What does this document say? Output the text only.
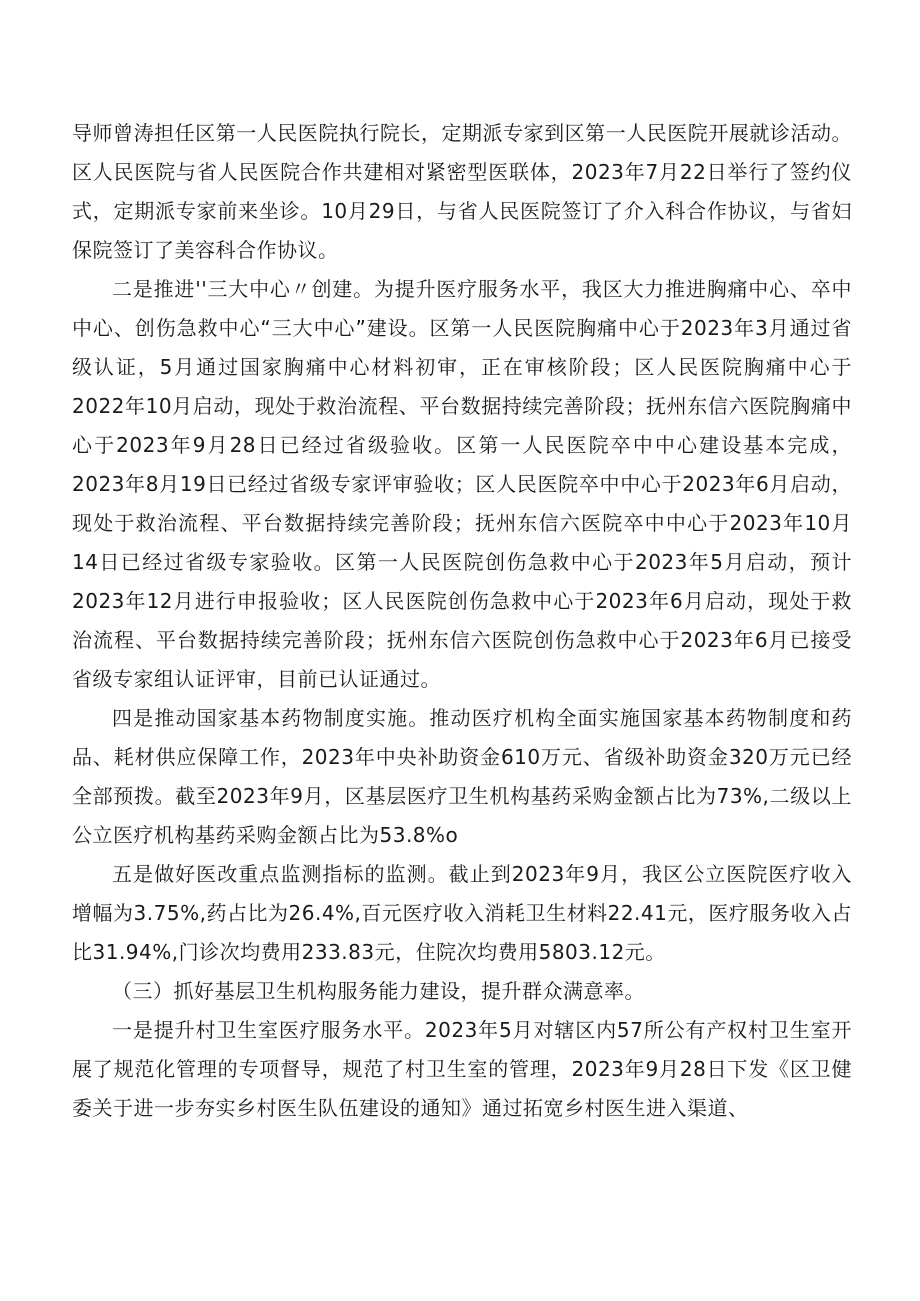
导师曾涛担任区第一人民医院执行院长，定期派专家到区第一人民医院开展就诊活动。区人民医院与省人民医院合作共建相对紧密型医联体，2023年7月22日举行了签约仪式，定期派专家前来坐诊。10月29日，与省人民医院签订了介入科合作协议，与省妇保院签订了美容科合作协议。

二是推进''三大中心〃创建。为提升医疗服务水平，我区大力推进胸痛中心、卒中中心、创伤急救中心“三大中心”建设。区第一人民医院胸痛中心于2023年3月通过省级认证，5月通过国家胸痛中心材料初审，正在审核阶段；区人民医院胸痛中心于2022年10月启动，现处于救治流程、平台数据持续完善阶段；抚州东信六医院胸痛中心于2023年9月28日已经过省级验收。区第一人民医院卒中中心建设基本完成，2023年8月19日已经过省级专家评审验收；区人民医院卒中中心于2023年6月启动，现处于救治流程、平台数据持续完善阶段；抚州东信六医院卒中中心于2023年10月14日已经过省级专家验收。区第一人民医院创伤急救中心于2023年5月启动，预计2023年12月进行申报验收；区人民医院创伤急救中心于2023年6月启动，现处于救治流程、平台数据持续完善阶段；抚州东信六医院创伤急救中心于2023年6月已接受省级专家组认证评审，目前已认证通过。

四是推动国家基本药物制度实施。推动医疗机构全面实施国家基本药物制度和药品、耗材供应保障工作，2023年中央补助资金610万元、省级补助资金320万元已经全部预拨。截至2023年9月，区基层医疗卫生机构基药采购金额占比为73%,二级以上公立医疗机构基药采购金额占比为53.8%o

五是做好医改重点监测指标的监测。截止到2023年9月，我区公立医院医疗收入增幅为3.75%,药占比为26.4%,百元医疗收入消耗卫生材料22.41元，医疗服务收入占比31.94%,门诊次均费用233.83元，住院次均费用5803.12元。

（三）抓好基层卫生机构服务能力建设，提升群众满意率。

一是提升村卫生室医疗服务水平。2023年5月对辖区内57所公有产权村卫生室开展了规范化管理的专项督导，规范了村卫生室的管理，2023年9月28日下发《区卫健委关于进一步夯实乡村医生队伍建设的通知》通过拓宽乡村医生进入渠道、
